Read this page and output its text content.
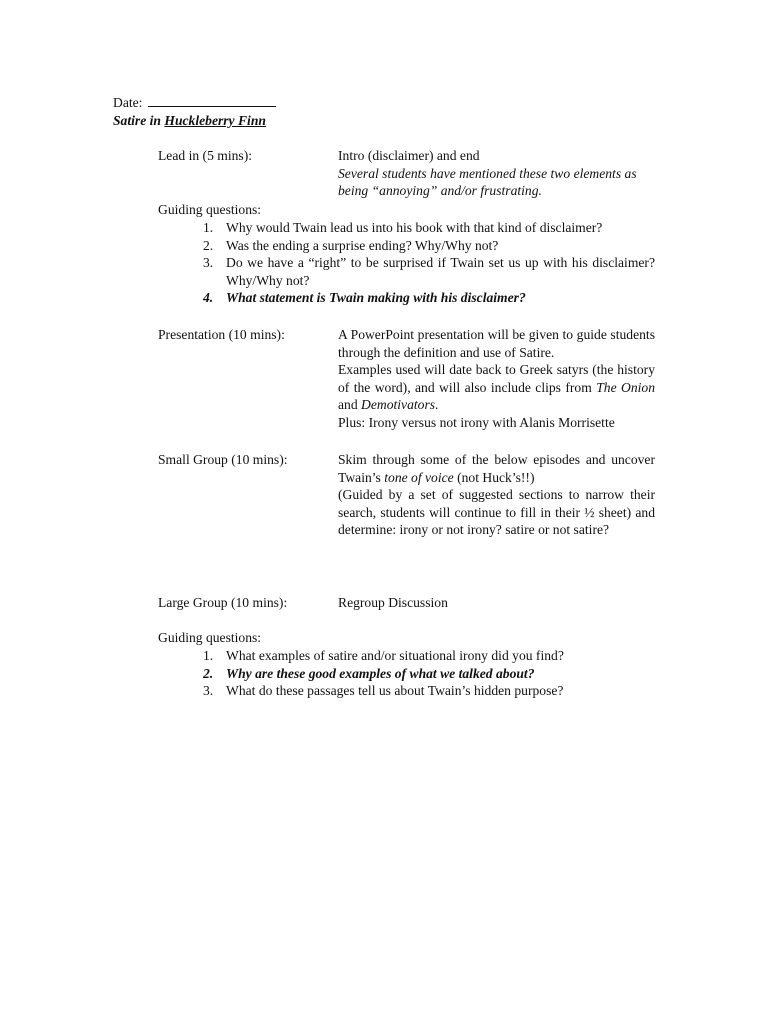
Date:
Satire in Huckleberry Finn
Lead in (5 mins):	Intro (disclaimer) and end

Several students have mentioned these two elements as being “annoying” and/or frustrating.

Guiding questions:
1. Why would Twain lead us into his book with that kind of disclaimer?
2. Was the ending a surprise ending? Why/Why not?
3. Do we have a “right” to be surprised if Twain set us up with his disclaimer? Why/Why not?
4. What statement is Twain making with his disclaimer?
Presentation (10 mins):	A PowerPoint presentation will be given to guide students through the definition and use of Satire.

Examples used will date back to Greek satyrs (the history of the word), and will also include clips from The Onion and Demotivators.

Plus: Irony versus not irony with Alanis Morrisette

Small Group (10 mins):	Skim through some of the below episodes and uncover Twain’s tone of voice (not Huck’s!!)

(Guided by a set of suggested sections to narrow their search, students will continue to fill in their ½ sheet) and determine: irony or not irony? satire or not satire?

Large Group (10 mins):	Regroup Discussion
Guiding questions:
1. What examples of satire and/or situational irony did you find?
2. Why are these good examples of what we talked about?
3. What do these passages tell us about Twain’s hidden purpose?
